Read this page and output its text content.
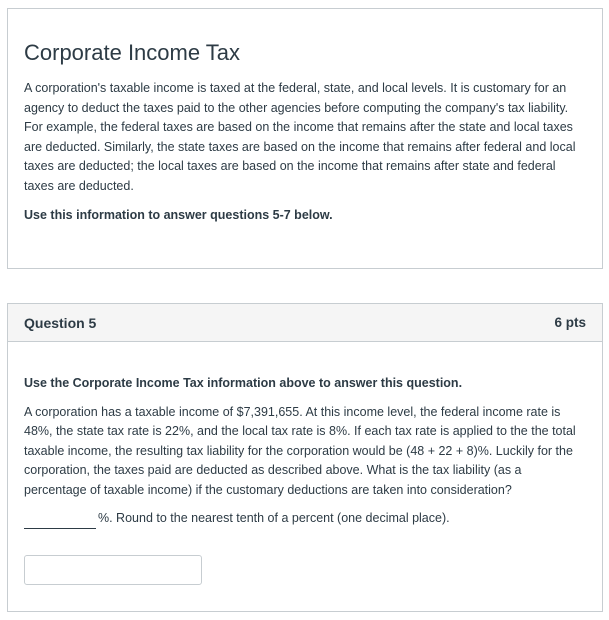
Corporate Income Tax

A corporation's taxable income is taxed at the federal, state, and local levels. It is customary for an agency to deduct the taxes paid to the other agencies before computing the company's tax liability. For example, the federal taxes are based on the income that remains after the state and local taxes are deducted. Similarly, the state taxes are based on the income that remains after federal and local taxes are deducted; the local taxes are based on the income that remains after state and federal taxes are deducted.

Use this information to answer questions 5-7 below.

Question 5	6 pts

Use the Corporate Income Tax information above to answer this question.

A corporation has a taxable income of $7,391,655. At this income level, the federal income rate is 48%, the state tax rate is 22%, and the local tax rate is 8%. If each tax rate is applied to the the total taxable income, the resulting tax liability for the corporation would be (48 + 22 + 8)%. Luckily for the corporation, the taxes paid are deducted as described above. What is the tax liability (as a percentage of taxable income) if the customary deductions are taken into consideration?

%. Round to the nearest tenth of a percent (one decimal place).
